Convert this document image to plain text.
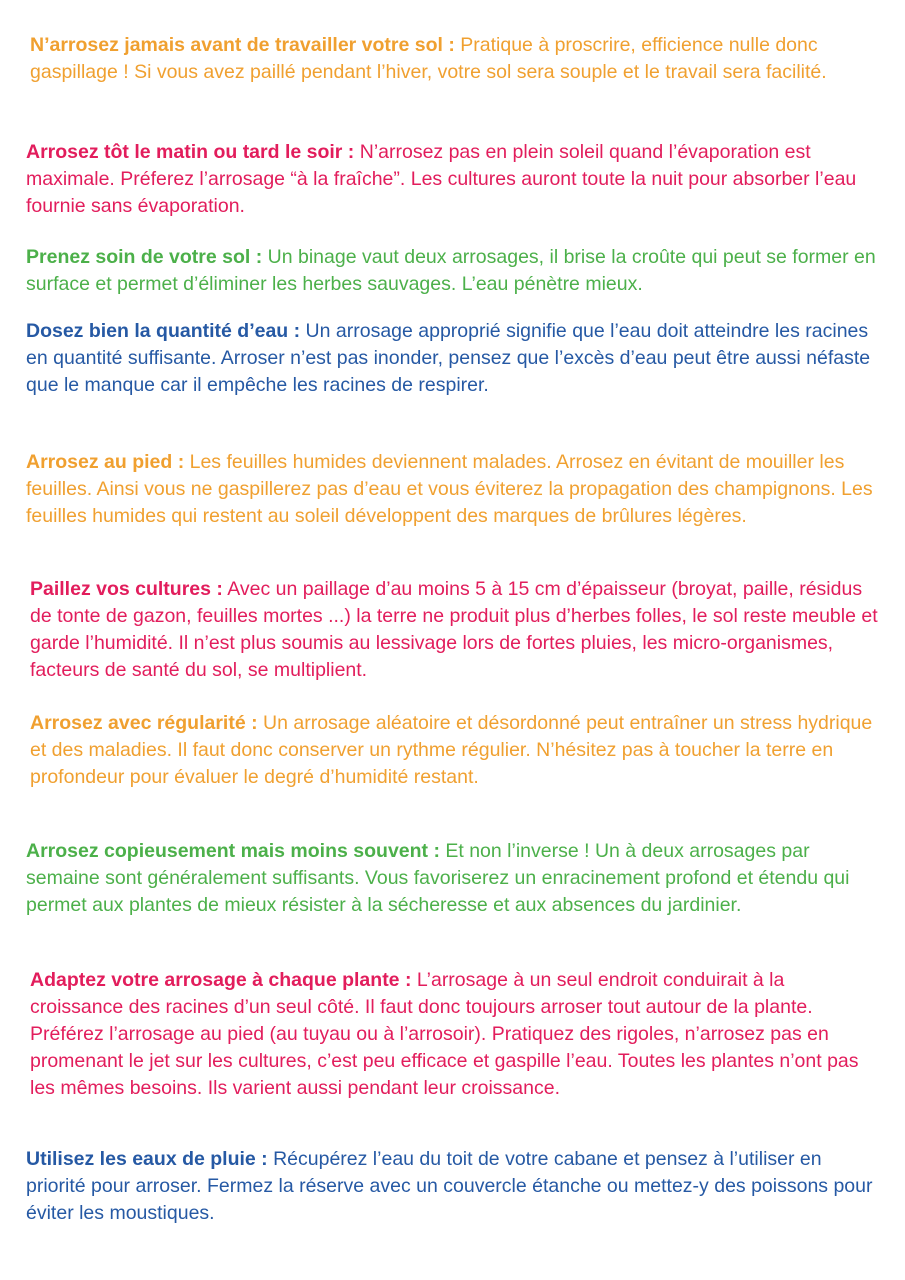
N’arrosez jamais avant de travailler votre sol : Pratique à proscrire, efficience nulle donc gaspillage ! Si vous avez paillé pendant l’hiver, votre sol sera souple et le travail sera facilité.

Arrosez tôt le matin ou tard le soir : N’arrosez pas en plein soleil quand l’évaporation est maximale. Préferez l’arrosage “à la fraîche”. Les cultures auront toute la nuit pour absorber l’eau fournie sans évaporation.

Prenez soin de votre sol : Un binage vaut deux arrosages, il brise la croûte qui peut se former en surface et permet d’éliminer les herbes sauvages. L’eau pénètre mieux.

Dosez bien la quantité d’eau : Un arrosage approprié signifie que l’eau doit atteindre les racines en quantité suffisante. Arroser n’est pas inonder, pensez que l’excès d’eau peut être aussi néfaste que le manque car il empêche les racines de respirer.

Arrosez au pied : Les feuilles humides deviennent malades. Arrosez en évitant de mouiller les feuilles. Ainsi vous ne gaspillerez pas d’eau et vous éviterez la propagation des champignons. Les feuilles humides qui restent au soleil développent des marques de brûlures légères.

Paillez vos cultures : Avec un paillage d’au moins 5 à 15 cm d’épaisseur (broyat, paille, résidus de tonte de gazon, feuilles mortes ...) la terre ne produit plus d’herbes folles, le sol reste meuble et garde l’humidité. Il n’est plus soumis au lessivage lors de fortes pluies, les micro-organismes, facteurs de santé du sol, se multiplient.

Arrosez avec régularité : Un arrosage aléatoire et désordonné peut entraîner un stress hydrique et des maladies. Il faut donc conserver un rythme régulier. N’hésitez pas à toucher la terre en profondeur pour évaluer le degré d’humidité restant.

Arrosez copieusement mais moins souvent : Et non l’inverse ! Un à deux arrosages par semaine sont généralement suffisants. Vous favoriserez un enracinement profond et étendu qui permet aux plantes de mieux résister à la sécheresse et aux absences du jardinier.

Adaptez votre arrosage à chaque plante : L’arrosage à un seul endroit conduirait à la croissance des racines d’un seul côté. Il faut donc toujours arroser tout autour de la plante. Préférez l’arrosage au pied (au tuyau ou à l’arrosoir). Pratiquez des rigoles, n’arrosez pas en promenant le jet sur les cultures, c’est peu efficace et gaspille l’eau. Toutes les plantes n’ont pas les mêmes besoins. Ils varient aussi pendant leur croissance.

Utilisez les eaux de pluie : Récupérez l’eau du toit de votre cabane et pensez à l’utiliser en priorité pour arroser. Fermez la réserve avec un couvercle étanche ou mettez-y des poissons pour éviter les moustiques.
